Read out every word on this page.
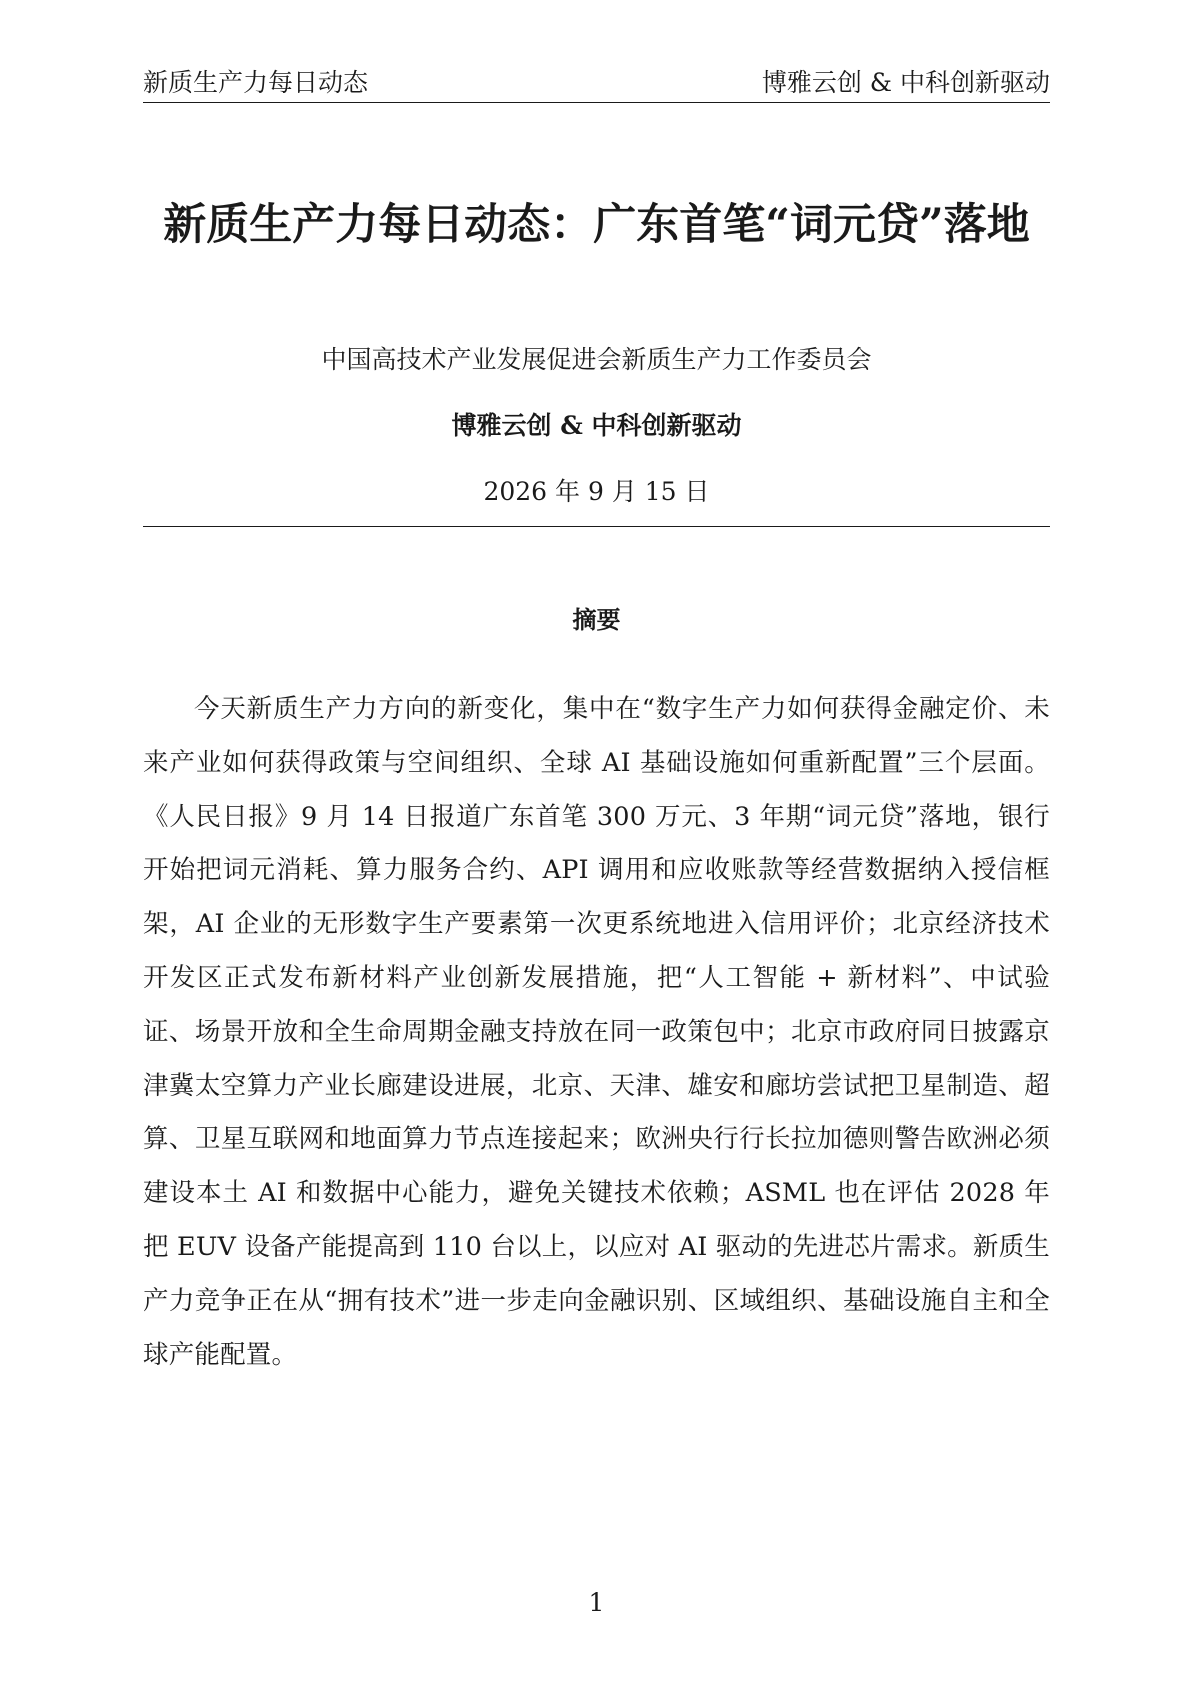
新质生产力每日动态	博雅云创 & 中科创新驱动
新质生产力每日动态：广东首笔“词元贷”落地
中国高技术产业发展促进会新质生产力工作委员会
博雅云创 & 中科创新驱动
2026 年 9 月 15 日
摘要

今天新质生产力方向的新变化，集中在“数字生产力如何获得金融定价、未来产业如何获得政策与空间组织、全球 AI 基础设施如何重新配置”三个层面。《人民日报》9 月 14 日报道广东首笔 300 万元、3 年期“词元贷”落地，银行开始把词元消耗、算力服务合约、API 调用和应收账款等经营数据纳入授信框架，AI 企业的无形数字生产要素第一次更系统地进入信用评价；北京经济技术开发区正式发布新材料产业创新发展措施，把“人工智能 + 新材料”、中试验证、场景开放和全生命周期金融支持放在同一政策包中；北京市政府同日披露京津冀太空算力产业长廊建设进展，北京、天津、雄安和廊坊尝试把卫星制造、超算、卫星互联网和地面算力节点连接起来；欧洲央行行长拉加德则警告欧洲必须建设本土 AI 和数据中心能力，避免关键技术依赖；ASML 也在评估 2028 年把 EUV 设备产能提高到 110 台以上，以应对 AI 驱动的先进芯片需求。新质生产力竞争正在从“拥有技术”进一步走向金融识别、区域组织、基础设施自主和全球产能配置。

1
